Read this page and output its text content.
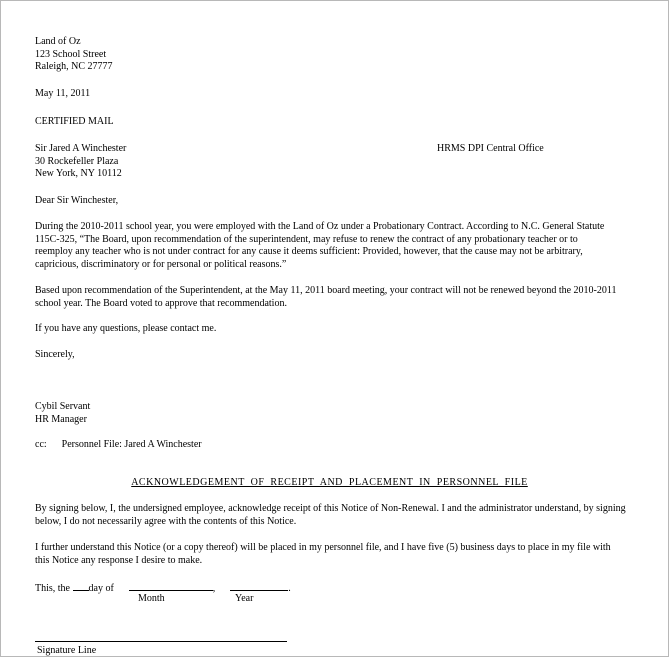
Land of Oz
123 School Street
Raleigh, NC 27777
May 11, 2011
CERTIFIED MAIL
Sir Jared A Winchester
30 Rockefeller Plaza
New York, NY 10112
HRMS DPI Central Office
Dear Sir Winchester,
During the 2010-2011 school year, you were employed with the Land of Oz under a Probationary Contract. According to N.C. General Statute 115C-325, “The Board, upon recommendation of the superintendent, may refuse to renew the contract of any probationary teacher or to reemploy any teacher who is not under contract for any cause it deems sufficient: Provided, however, that the cause may not be arbitrary, capricious, discriminatory or for personal or political reasons.”
Based upon recommendation of the Superintendent, at the May 11, 2011 board meeting, your contract will not be renewed beyond the 2010-2011 school year. The Board voted to approve that recommendation.
If you have any questions, please contact me.
Sincerely,
Cybil Servant
HR Manager
cc: Personnel File: Jared A Winchester
ACKNOWLEDGEMENT OF RECEIPT AND PLACEMENT IN PERSONNEL FILE
By signing below, I, the undersigned employee, acknowledge receipt of this Notice of Non-Renewal. I and the administrator understand, by signing below, I do not necessarily agree with the contents of this Notice.
I further understand this Notice (or a copy thereof) will be placed in my personnel file, and I have five (5) business days to place in my file with this Notice any response I desire to make.
This, the day of	,	.
Month	Year
Signature Line
